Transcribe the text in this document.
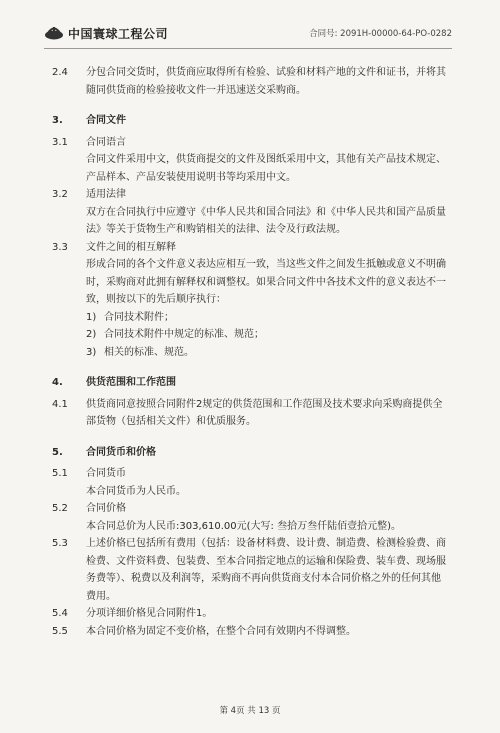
中国寰球工程公司	合同号: 2091H-00000-64-PO-0282
2.4	分包合同交货时，供货商应取得所有检验、试验和材料产地的文件和证书，并将其随同供货商的检验接收文件一并迅速送交采购商。
3.	合同文件
3.1	合同语言
合同文件采用中文，供货商提交的文件及图纸采用中文，其他有关产品技术规定、产品样本、产品安装使用说明书等均采用中文。
3.2	适用法律
双方在合同执行中应遵守《中华人民共和国合同法》和《中华人民共和国产品质量法》等关于货物生产和购销相关的法律、法令及行政法规。
3.3	文件之间的相互解释
形成合同的各个文件意义表达应相互一致，当这些文件之间发生抵触或意义不明确时，采购商对此拥有解释权和调整权。如果合同文件中各技术文件的意义表达不一致，则按以下的先后顺序执行：
1) 合同技术附件；
2) 合同技术附件中规定的标准、规范；
3) 相关的标准、规范。
4.	供货范围和工作范围
4.1	供货商同意按照合同附件2规定的供货范围和工作范围及技术要求向采购商提供全部货物（包括相关文件）和优质服务。
5.	合同货币和价格
5.1	合同货币
本合同货币为人民币。
5.2	合同价格
本合同总价为人民币:303,610.00元(大写: 叁拾万叁仟陆佰壹拾元整)。
5.3	上述价格已包括所有费用（包括：设备材料费、设计费、制造费、检测检验费、商检费、文件资料费、包装费、至本合同指定地点的运输和保险费、装车费、现场服务费等）、税费以及利润等，采购商不再向供货商支付本合同价格之外的任何其他费用。
5.4	分项详细价格见合同附件1。
5.5	本合同价格为固定不变价格，在整个合同有效期内不得调整。
第 4页 共 13 页
